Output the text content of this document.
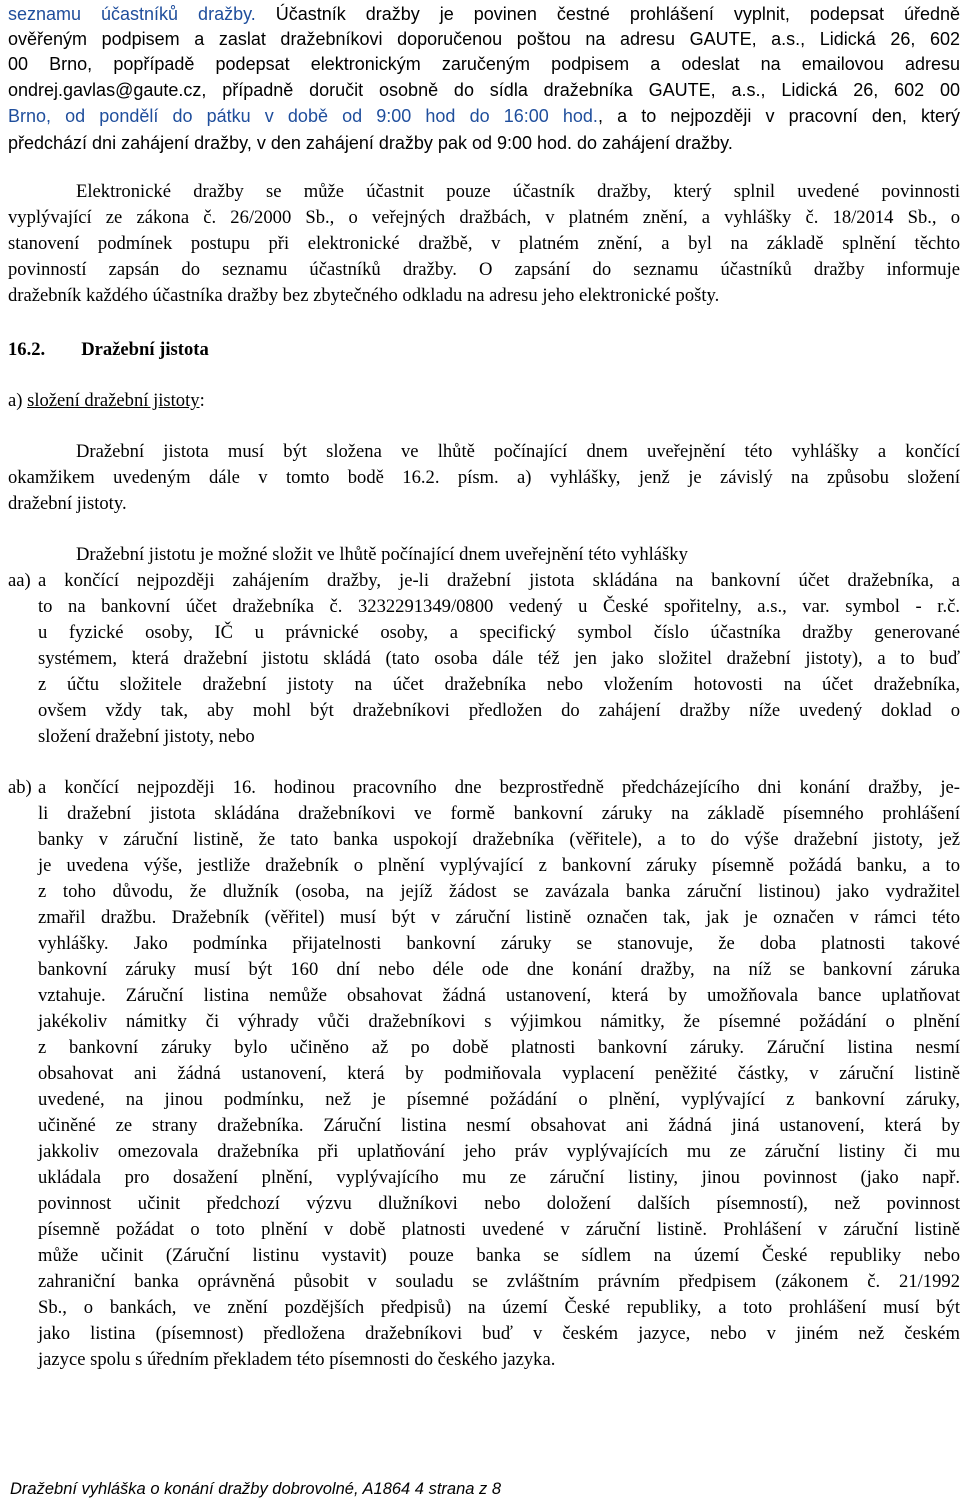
seznamu účastníků dražby. Účastník dražby je povinen čestné prohlášení vyplnit, podepsat úředně
ověřeným podpisem a zaslat dražebníkovi doporučenou poštou na adresu GAUTE, a.s., Lidická 26, 602
00 Brno, popřípadě podepsat elektronickým zaručeným podpisem a odeslat na emailovou adresu
ondrej.gavlas@gaute.cz, případně doručit osobně do sídla dražebníka GAUTE, a.s., Lidická 26, 602 00
Brno, od pondělí do pátku v době od 9:00 hod do 16:00 hod., a to nejpozději v pracovní den, který
předchází dni zahájení dražby, v den zahájení dražby pak od 9:00 hod. do zahájení dražby.
Elektronické dražby se může účastnit pouze účastník dražby, který splnil uvedené povinnosti
vyplývající ze zákona č. 26/2000 Sb., o veřejných dražbách, v platném znění, a vyhlášky č. 18/2014 Sb., o
stanovení podmínek postupu při elektronické dražbě, v platném znění, a byl na základě splnění těchto
povinností zapsán do seznamu účastníků dražby. O zapsání do seznamu účastníků dražby informuje
dražebník každého účastníka dražby bez zbytečného odkladu na adresu jeho elektronické pošty.
16.2. Dražební jistota
a) složení dražební jistoty:
Dražební jistota musí být složena ve lhůtě počínající dnem uveřejnění této vyhlášky a končící
okamžikem uvedeným dále v tomto bodě 16.2. písm. a) vyhlášky, jenž je závislý na způsobu složení
dražební jistoty.
Dražební jistotu je možné složit ve lhůtě počínající dnem uveřejnění této vyhlášky
aa) a končící nejpozději zahájením dražby, je-li dražební jistota skládána na bankovní účet dražebníka, a
to na bankovní účet dražebníka č. 3232291349/0800 vedený u České spořitelny, a.s., var. symbol - r.č.
u fyzické osoby, IČ u právnické osoby, a specifický symbol číslo účastníka dražby generované
systémem, která dražební jistotu skládá (tato osoba dále též jen jako složitel dražební jistoty), a to buď
z účtu složitele dražební jistoty na účet dražebníka nebo vložením hotovosti na účet dražebníka,
ovšem vždy tak, aby mohl být dražebníkovi předložen do zahájení dražby níže uvedený doklad o
složení dražební jistoty, nebo
ab) a končící nejpozději 16. hodinou pracovního dne bezprostředně předcházejícího dni konání dražby, je-
li dražební jistota skládána dražebníkovi ve formě bankovní záruky na základě písemného prohlášení
banky v záruční listině, že tato banka uspokojí dražebníka (věřitele), a to do výše dražební jistoty, jež
je uvedena výše, jestliže dražebník o plnění vyplývající z bankovní záruky písemně požádá banku, a to
z toho důvodu, že dlužník (osoba, na jejíž žádost se zavázala banka záruční listinou) jako vydražitel
zmařil dražbu. Dražebník (věřitel) musí být v záruční listině označen tak, jak je označen v rámci této
vyhlášky. Jako podmínka přijatelnosti bankovní záruky se stanovuje, že doba platnosti takové
bankovní záruky musí být 160 dní nebo déle ode dne konání dražby, na níž se bankovní záruka
vztahuje. Záruční listina nemůže obsahovat žádná ustanovení, která by umožňovala bance uplatňovat
jakékoliv námitky či výhrady vůči dražebníkovi s výjimkou námitky, že písemné požádání o plnění
z bankovní záruky bylo učiněno až po době platnosti bankovní záruky. Záruční listina nesmí
obsahovat ani žádná ustanovení, která by podmiňovala vyplacení peněžité částky, v záruční listině
uvedené, na jinou podmínku, než je písemné požádání o plnění, vyplývající z bankovní záruky,
učiněné ze strany dražebníka. Záruční listina nesmí obsahovat ani žádná jiná ustanovení, která by
jakkoliv omezovala dražebníka při uplatňování jeho práv vyplývajících mu ze záruční listiny či mu
ukládala pro dosažení plnění, vyplývajícího mu ze záruční listiny, jinou povinnost (jako např.
povinnost učinit předchozí výzvu dlužníkovi nebo doložení dalších písemností), než povinnost
písemně požádat o toto plnění v době platnosti uvedené v záruční listině. Prohlášení v záruční listině
může učinit (Záruční listinu vystavit) pouze banka se sídlem na území České republiky nebo
zahraniční banka oprávněná působit v souladu se zvláštním právním předpisem (zákonem č. 21/1992
Sb., o bankách, ve znění pozdějších předpisů) na území České republiky, a toto prohlášení musí být
jako listina (písemnost) předložena dražebníkovi buď v českém jazyce, nebo v jiném než českém
jazyce spolu s úředním překladem této písemnosti do českého jazyka.
Dražební vyhláška o konání dražby dobrovolné, A1864 4 strana z 8
